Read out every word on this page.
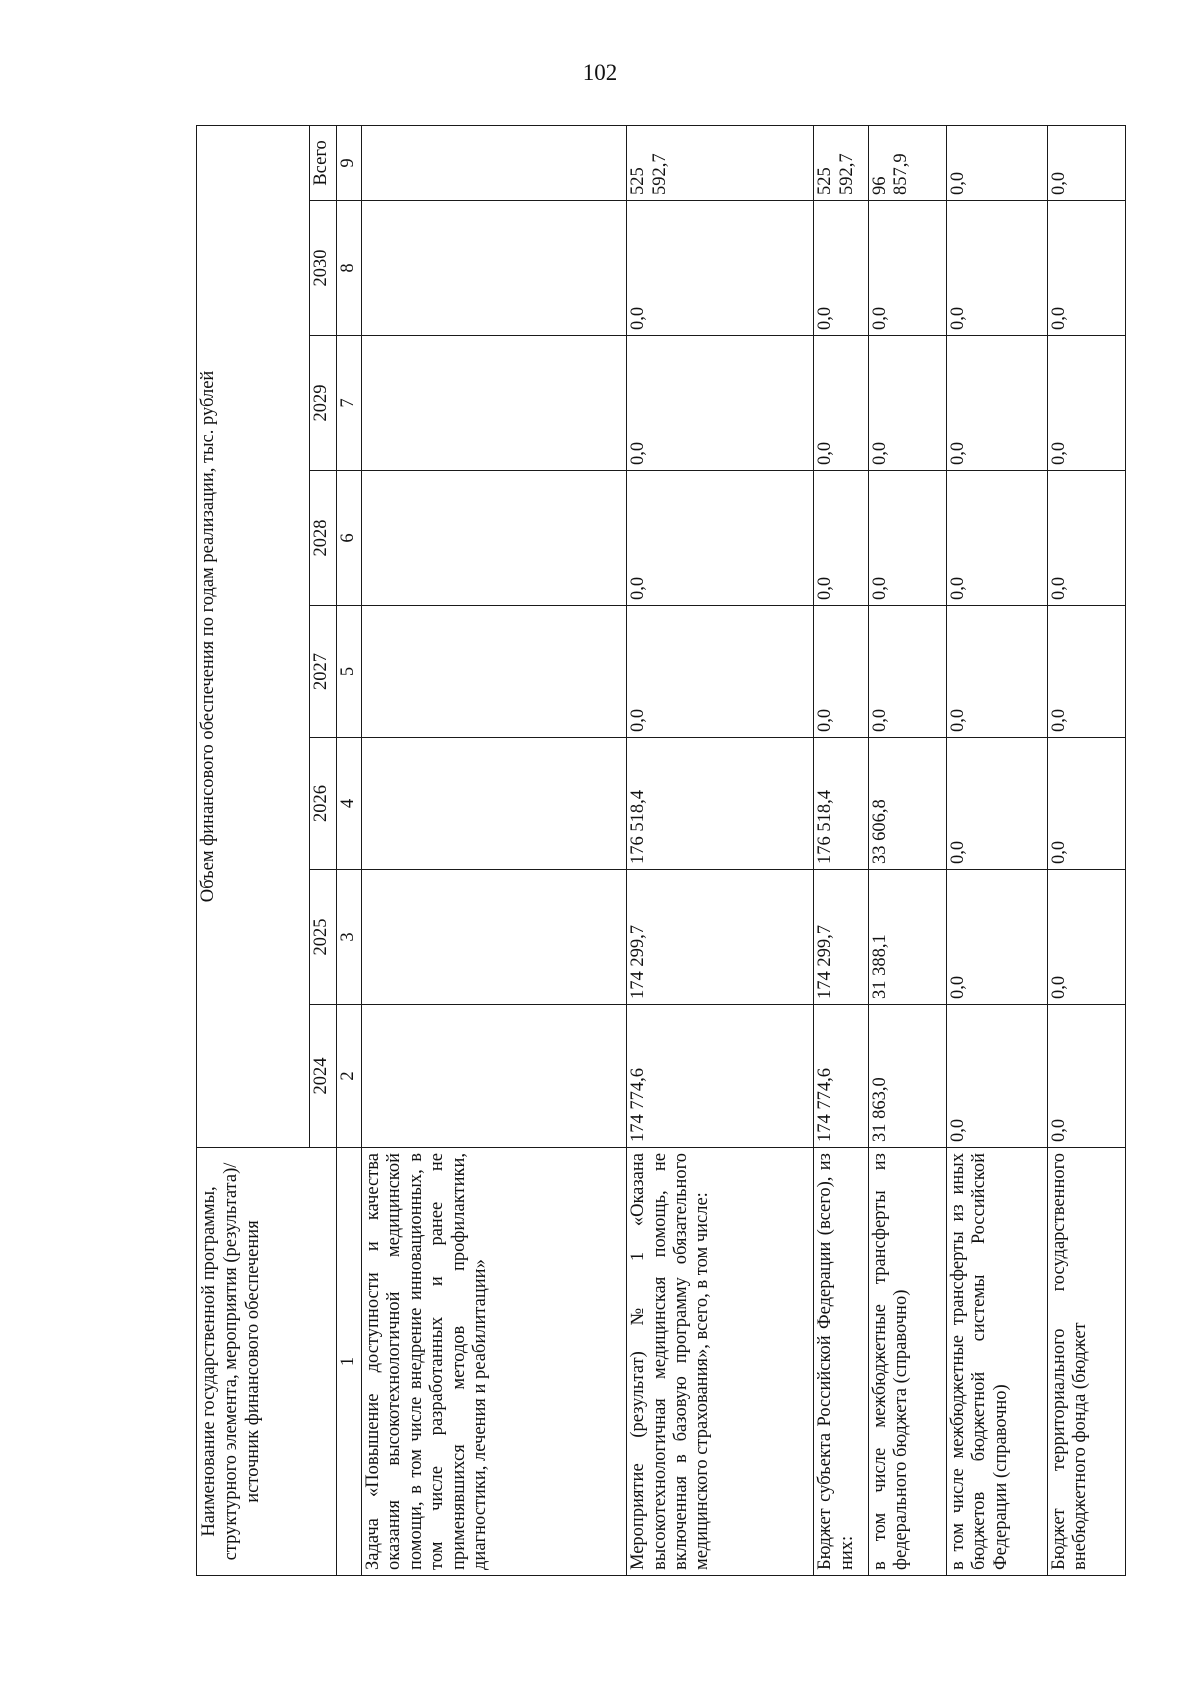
102
Наименование государственной программы, структурного элемента, мероприятия (результата)/источник финансового обеспечения	Объем финансового обеспечения по годам реализации, тыс. рублей							
	2024	2025	2026	2027	2028	2029	2030	Всего
1	2	3	4	5	6	7	8	9
Задача «Повышение доступности и качества оказания высокотехнологичной медицинской помощи, в том числе внедрение инновационных, в том числе разработанных и ранее не применявшихся методов профилактики, диагностики, лечения и реабилитации»								
Мероприятие (результат) № 1 «Оказана высокотехнологичная медицинская помощь, не включенная в базовую программу обязательного медицинского страхования», всего, в том числе:	174 774,6	174 299,7	176 518,4	0,0	0,0	0,0	0,0	525 592,7
Бюджет субъекта Российской Федерации (всего), из них:	174 774,6	174 299,7	176 518,4	0,0	0,0	0,0	0,0	525 592,7
в том числе межбюджетные трансферты из федерального бюджета (справочно)	31 863,0	31 388,1	33 606,8	0,0	0,0	0,0	0,0	96 857,9
в том числе межбюджетные трансферты из иных бюджетов бюджетной системы Российской Федерации (справочно)	0,0	0,0	0,0	0,0	0,0	0,0	0,0	0,0
Бюджет территориального государственного внебюджетного фонда (бюджет	0,0	0,0	0,0	0,0	0,0	0,0	0,0	0,0
